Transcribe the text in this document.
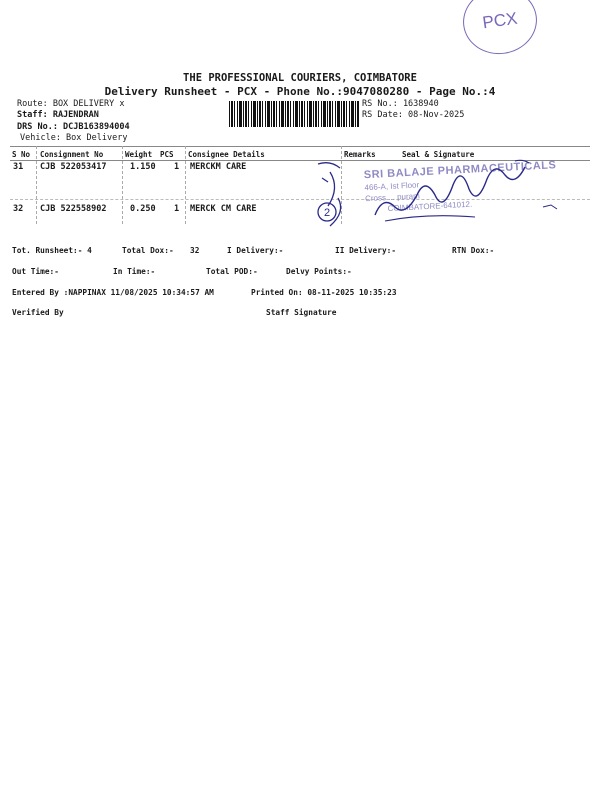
PCX
THE PROFESSIONAL COURIERS, COIMBATORE
Delivery Runsheet - PCX - Phone No.:9047080280 - Page No.:4
Route: BOX DELIVERY x
Staff: RAJENDRAN
DRS No.: DCJB163894004
Vehicle: Box Delivery
RS No.: 1638940
RS Date: 08-Nov-2025
S No Consignment No	Weight PCS Consignee Details	Remarks	Seal & Signature
31 CJB 522053417	1.150 1 MERCKM CARE
32 CJB 522558902	0.250 1 MERCK CM CARE	2
SRI BALAJE PHARMACEUTICALS
466-A, Ist Floor
Cross ... puram
COIMBATORE-641012.
Tot. Runsheet:- 4	Total Dox:- 32	I Delivery:-	II Delivery:-	RTN Dox:-
Out Time:-	In Time:-	Total POD:-	Delvy Points:-
Entered By :NAPPINAX 11/08/2025 10:34:57 AM	Printed On: 08-11-2025 10:35:23
Verified By	Staff Signature
